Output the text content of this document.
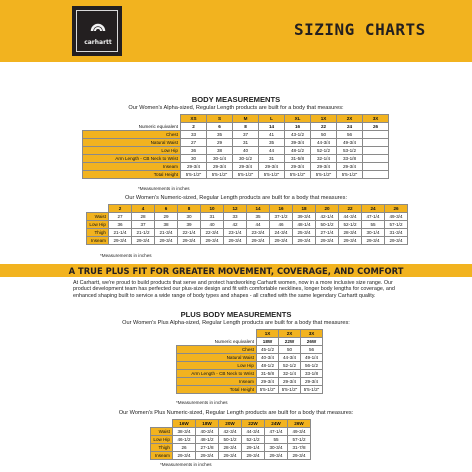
carhartt
SIZING CHARTS
BODY MEASUREMENTS
Our Women's Alpha-sized, Regular Length products are built for a body that measures:
	XS	S	M	L	XL	1X	2X	3X
Numeric equivalent	2	6	8	14	16	22	24	26
Chest	33	35	37	41	43-1/2	50	56	
Natural Waist	27	29	31	35	39-3/4	44-3/4	49-3/4	
Low Hip	36	38	40	44	48-1/2	52-1/2	53-1/2	
Arm Length - CB Neck to Wrist	30	30-1/4	30-1/2	31	31-5/8	32-1/4	33-1/8	
Inseam	29-3/4	29-3/4	29-3/4	29-3/4	29-3/4	29-3/4	29-3/4	
Total Height	5'5-1/2"	5'5-1/2"	5'5-1/2"	5'5-1/2"	5'5-1/2"	5'5-1/2"	5'5-1/2"	
*Measurements in inches
Our Women's Numeric-sized, Regular Length products are built for a body that measures:
	2	4	6	8	10	12	14	16	18	20	22	24	26
Waist	27	28	29	30	31	33	35	37-1/2	39-3/4	42-1/4	44-3/4	47-1/4	49-3/4
Low Hip	36	37	38	39	40	42	44	46	48-1/4	50-1/2	52-1/2	55	57-1/2
Thigh	21-1/4	21-1/2	21-3/4	22-1/4	22-3/4	23-1/4	23-3/4	24-3/4	25-3/4	27-1/4	28-3/4	30-1/4	31-3/4
Inseam	29-3/4	29-3/4	29-3/4	29-3/4	29-3/4	29-3/4	29-3/4	29-3/4	29-3/4	29-3/4	29-3/4	29-3/4	29-3/4
*Measurements in inches
A TRUE PLUS FIT FOR GREATER MOVEMENT, COVERAGE, AND COMFORT
At Carhartt, we're proud to build products that serve and protect hardworking Carhartt women, now in a more inclusive size range. Our product development team has perfected our plus-size design and fit with comfortable necklines, longer body lengths for coverage, and enhanced shaping built to service a wide range of body types and shapes - all crafted with the same legendary Carhartt quality.
PLUS BODY MEASUREMENTS
Our Women's Plus Alpha-sized, Regular Length products are built for a body that measures:
	1X	2X	3X
Numeric equivalent	18W	22W	26W
Chest	45-1/2	50	56
Natural Waist	40-3/4	44-3/4	49-1/4
Low Hip	48-1/2	52-1/2	56-1/2
Arm Length - CB Neck to Wrist	31-5/8	32-1/4	33-1/8
Inseam	29-3/4	29-3/4	29-3/4
Total Height	5'5-1/2"	5'5-1/2"	5'5-1/2"
*Measurements in inches
Our Women's Plus Numeric-sized, Regular Length products are built for a body that measures:
	16W	18W	20W	22W	24W	26W
Waist	38-3/4	40-3/4	42-3/4	44-3/4	47-1/4	49-3/4
Low Hip	46-1/2	48-1/2	50-1/2	52-1/2	55	57-1/2
Thigh	26	27-1/8	28-3/4	29-1/4	30-3/4	31-7/8
Inseam	29-3/4	29-3/4	29-3/4	29-3/4	29-3/4	29-3/4
*Measurements in inches
